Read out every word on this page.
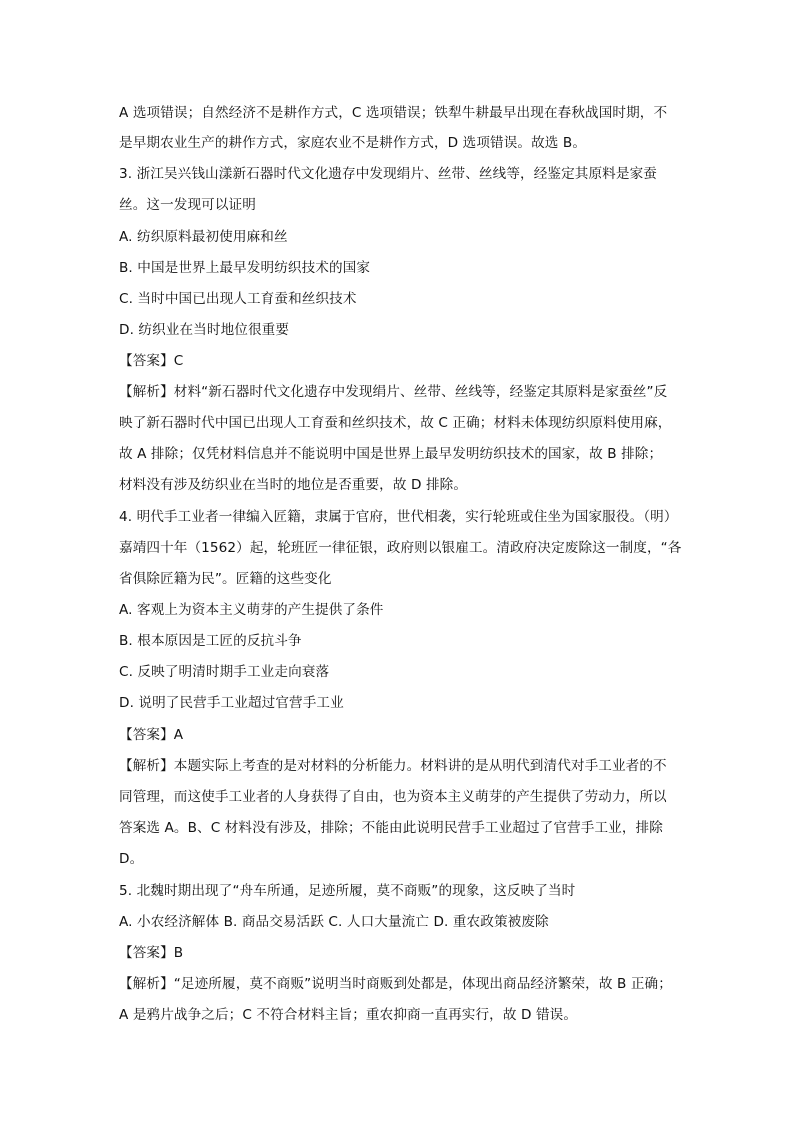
A 选项错误；自然经济不是耕作方式，C 选项错误；铁犁牛耕最早出现在春秋战国时期，不
是早期农业生产的耕作方式，家庭农业不是耕作方式，D 选项错误。故选 B。
3. 浙江吴兴钱山漾新石器时代文化遗存中发现绢片、丝带、丝线等，经鉴定其原料是家蚕
丝。这一发现可以证明
A. 纺织原料最初使用麻和丝
B. 中国是世界上最早发明纺织技术的国家
C. 当时中国已出现人工育蚕和丝织技术
D. 纺织业在当时地位很重要
【答案】C
【解析】材料“新石器时代文化遗存中发现绢片、丝带、丝线等，经鉴定其原料是家蚕丝”反
映了新石器时代中国已出现人工育蚕和丝织技术，故 C 正确；材料未体现纺织原料使用麻，
故 A 排除；仅凭材料信息并不能说明中国是世界上最早发明纺织技术的国家，故 B 排除；
材料没有涉及纺织业在当时的地位是否重要，故 D 排除。
4. 明代手工业者一律编入匠籍，隶属于官府，世代相袭，实行轮班或住坐为国家服役。（明）
嘉靖四十年（1562）起，轮班匠一律征银，政府则以银雇工。清政府决定废除这一制度，“各
省俱除匠籍为民”。匠籍的这些变化
A. 客观上为资本主义萌芽的产生提供了条件
B. 根本原因是工匠的反抗斗争
C. 反映了明清时期手工业走向衰落
D. 说明了民营手工业超过官营手工业
【答案】A
【解析】本题实际上考查的是对材料的分析能力。材料讲的是从明代到清代对手工业者的不
同管理，而这使手工业者的人身获得了自由，也为资本主义萌芽的产生提供了劳动力，所以
答案选 A。B、C 材料没有涉及，排除；不能由此说明民营手工业超过了官营手工业，排除
D。
5. 北魏时期出现了“舟车所通，足迹所履，莫不商贩”的现象，这反映了当时
A. 小农经济解体 B. 商品交易活跃 C. 人口大量流亡 D. 重农政策被废除
【答案】B
【解析】“足迹所履，莫不商贩”说明当时商贩到处都是，体现出商品经济繁荣，故 B 正确；
A 是鸦片战争之后；C 不符合材料主旨；重农抑商一直再实行，故 D 错误。
